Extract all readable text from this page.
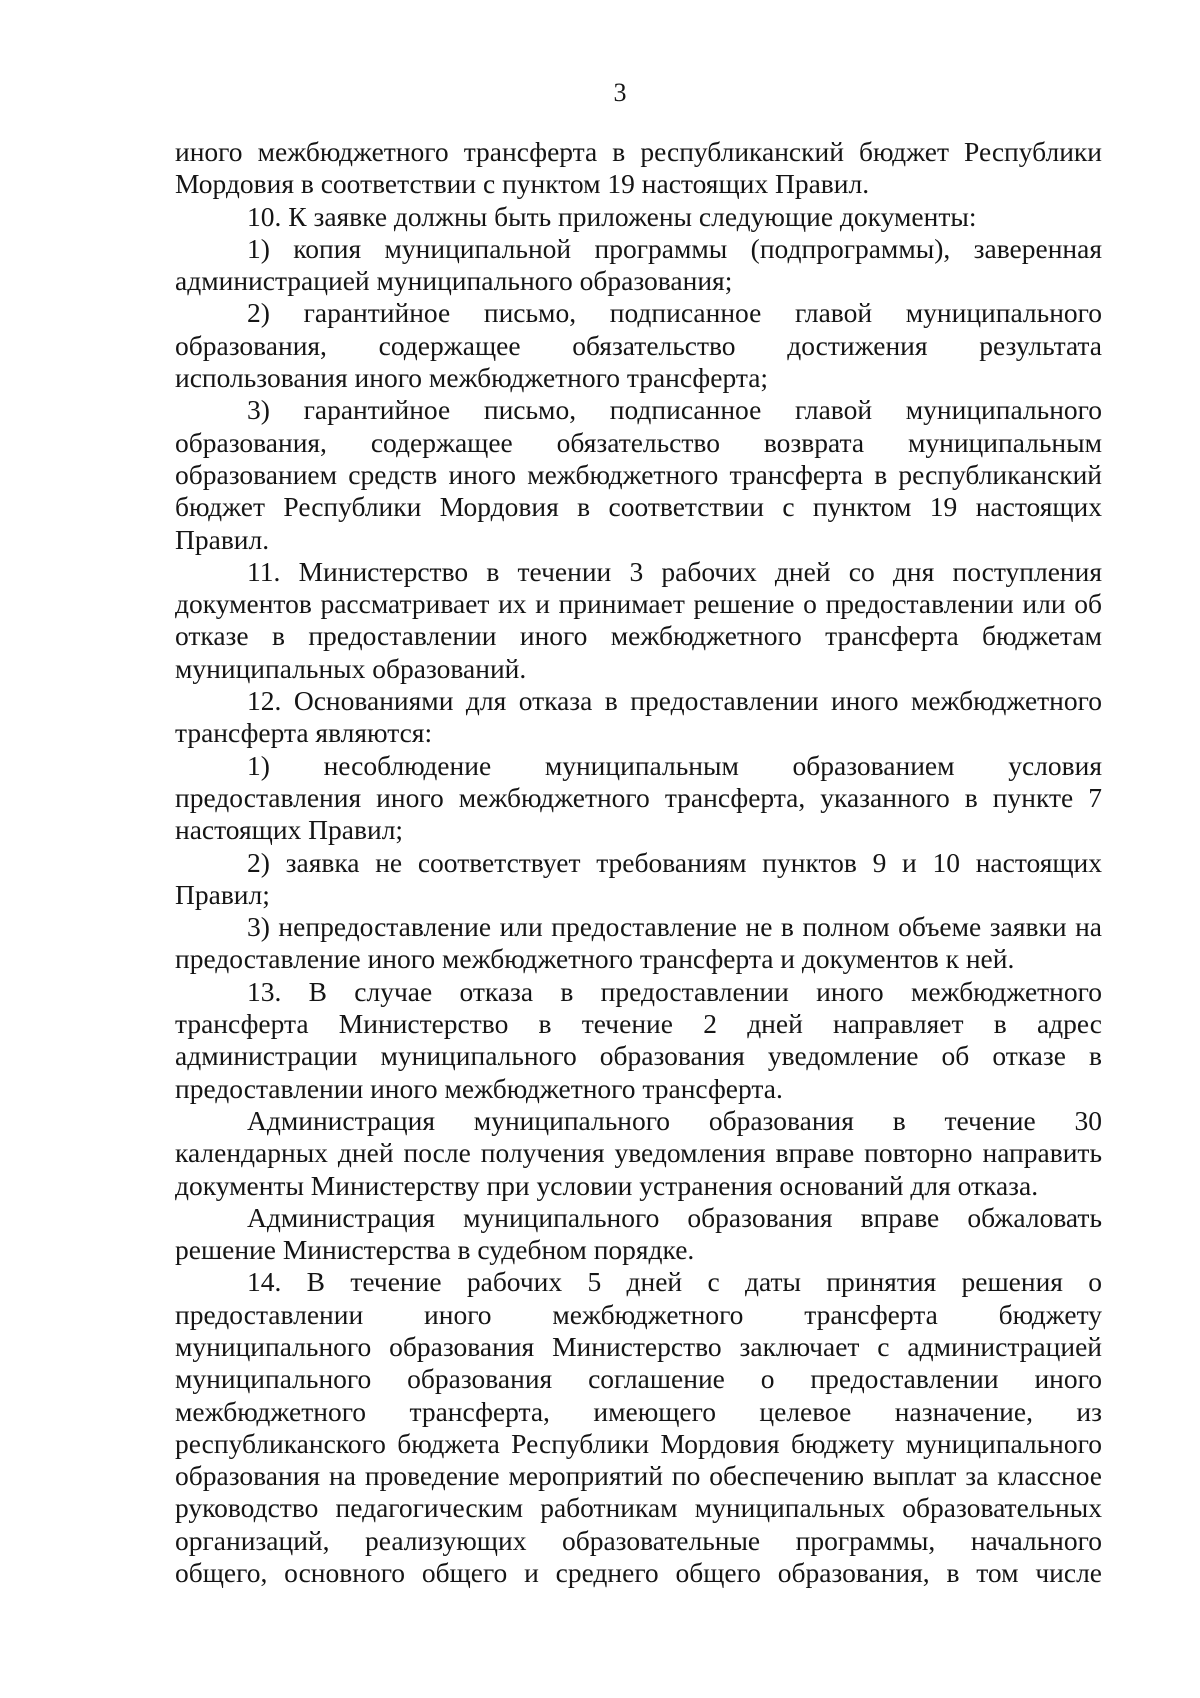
3
иного межбюджетного трансферта в республиканский бюджет Республики
Мордовия в соответствии с пунктом 19 настоящих Правил.
10. К заявке должны быть приложены следующие документы:
1) копия муниципальной программы (подпрограммы), заверенная
администрацией муниципального образования;
2) гарантийное письмо, подписанное главой муниципального
образования, содержащее обязательство достижения результата
использования иного межбюджетного трансферта;
3) гарантийное письмо, подписанное главой муниципального
образования, содержащее обязательство возврата муниципальным
образованием средств иного межбюджетного трансферта в республиканский
бюджет Республики Мордовия в соответствии с пунктом 19 настоящих
Правил.
11. Министерство в течении 3 рабочих дней со дня поступления
документов рассматривает их и принимает решение о предоставлении или об
отказе в предоставлении иного межбюджетного трансферта бюджетам
муниципальных образований.
12. Основаниями для отказа в предоставлении иного межбюджетного
трансферта являются:
1) несоблюдение муниципальным образованием условия
предоставления иного межбюджетного трансферта, указанного в пункте 7
настоящих Правил;
2) заявка не соответствует требованиям пунктов 9 и 10 настоящих
Правил;
3) непредоставление или предоставление не в полном объеме заявки на
предоставление иного межбюджетного трансферта и документов к ней.
13. В случае отказа в предоставлении иного межбюджетного
трансферта Министерство в течение 2 дней направляет в адрес
администрации муниципального образования уведомление об отказе в
предоставлении иного межбюджетного трансферта.
Администрация муниципального образования в течение 30
календарных дней после получения уведомления вправе повторно направить
документы Министерству при условии устранения оснований для отказа.
Администрация муниципального образования вправе обжаловать
решение Министерства в судебном порядке.
14. В течение рабочих 5 дней с даты принятия решения о
предоставлении иного межбюджетного трансферта бюджету
муниципального образования Министерство заключает с администрацией
муниципального образования соглашение о предоставлении иного
межбюджетного трансферта, имеющего целевое назначение, из
республиканского бюджета Республики Мордовия бюджету муниципального
образования на проведение мероприятий по обеспечению выплат за классное
руководство педагогическим работникам муниципальных образовательных
организаций, реализующих образовательные программы, начального
общего, основного общего и среднего общего образования, в том числе
